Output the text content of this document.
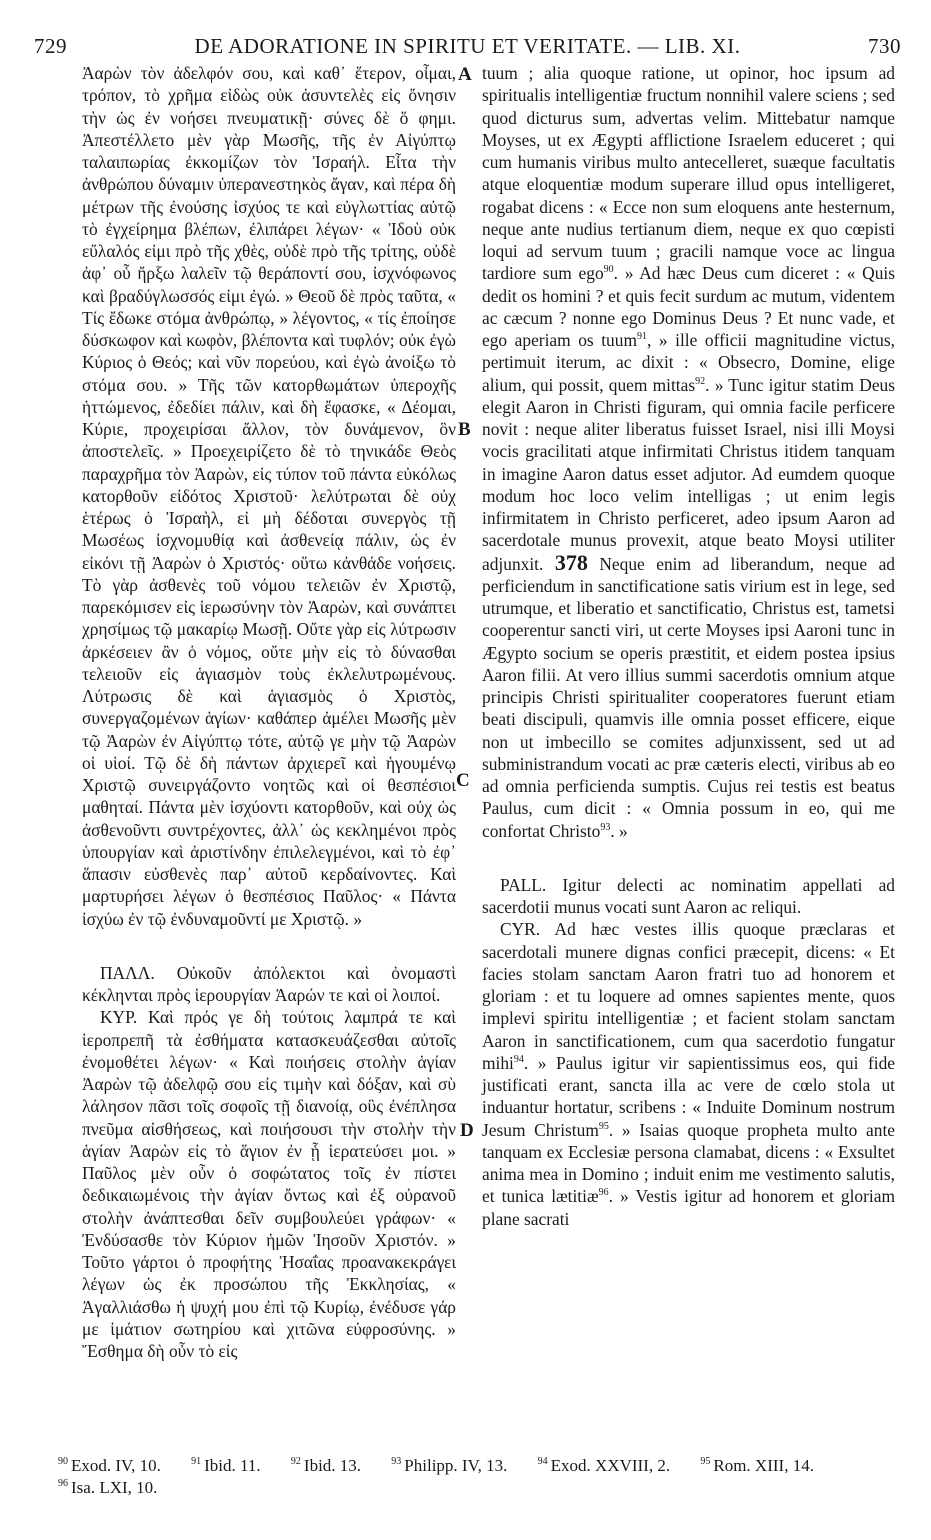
729	DE ADORATIONE IN SPIRITU ET VERITATE. — LIB. XI.	730
A
B
C
D

Ἀαρὼν τὸν ἀδελφόν σου, καὶ καθ᾽ ἕτερον, οἶμαι, τρόπον, τὸ χρῆμα εἰδὼς οὐκ ἀσυντελὲς εἰς ὄνησιν τὴν ὡς ἐν νοήσει πνευματικῇ· σύνες δὲ ὅ φημι. Ἀπεστέλλετο μὲν γὰρ Μωσῆς, τῆς ἐν Αἰγύπτῳ ταλαιπωρίας ἐκκομίζων τὸν Ἰσραήλ. Εἶτα τὴν ἀνθρώπου δύναμιν ὑπερανεστηκὸς ἄγαν, καὶ πέρα δὴ μέτρων τῆς ἐνούσης ἰσχύος τε καὶ εὐγλωττίας αὐτῷ τὸ ἐγχείρημα βλέπων, ἐλιπάρει λέγων· « Ἰδοὺ οὐκ εὔλαλός εἰμι πρὸ τῆς χθὲς, οὐδὲ πρὸ τῆς τρίτης, οὐδὲ ἀφ᾽ οὗ ἤρξω λαλεῖν τῷ θεράποντί σου, ἰσχνόφωνος καὶ βραδύγλωσσός εἰμι ἐγώ. » Θεοῦ δὲ πρὸς ταῦτα, « Τίς ἔδωκε στόμα ἀνθρώπῳ, » λέγοντος, « τίς ἐποίησε δύσκωφον καὶ κωφὸν, βλέποντα καὶ τυφλόν; οὐκ ἐγὼ Κύριος ὁ Θεός; καὶ νῦν πορεύου, καὶ ἐγὼ ἀνοίξω τὸ στόμα σου. » Τῆς τῶν κατορθωμάτων ὑπεροχῆς ἡττώμενος, ἐδεδίει πάλιν, καὶ δὴ ἔφασκε, « Δέομαι, Κύριε, προχειρίσαι ἄλλον, τὸν δυνάμενον, ὃν ἀποστελεῖς. » Προεχειρίζετο δὲ τὸ τηνικάδε Θεὸς παραχρῆμα τὸν Ἀαρὼν, εἰς τύπον τοῦ πάντα εὐκόλως κατορθοῦν εἰδότος Χριστοῦ· λελύτρωται δὲ οὐχ ἑτέρως ὁ Ἰσραὴλ, εἰ μὴ δέδοται συνεργὸς τῇ Μωσέως ἰσχνομυθίᾳ καὶ ἀσθενείᾳ πάλιν, ὡς ἐν εἰκόνι τῇ Ἀαρὼν ὁ Χριστός· οὕτω κἀνθάδε νοήσεις. Τὸ γὰρ ἀσθενὲς τοῦ νόμου τελειῶν ἐν Χριστῷ, παρεκόμισεν εἰς ἱερωσύνην τὸν Ἀαρὼν, καὶ συνάπτει χρησίμως τῷ μακαρίῳ Μωσῇ. Οὔτε γὰρ εἰς λύτρωσιν ἀρκέσειεν ἂν ὁ νόμος, οὔτε μὴν εἰς τὸ δύνασθαι τελειοῦν εἰς ἁγιασμὸν τοὺς ἐκλελυτρωμένους. Λύτρωσις δὲ καὶ ἁγιασμὸς ὁ Χριστὸς, συνεργαζομένων ἁγίων· καθάπερ ἀμέλει Μωσῆς μὲν τῷ Ἀαρὼν ἐν Αἰγύπτῳ τότε, αὐτῷ γε μὴν τῷ Ἀαρὼν οἱ υἱοί. Τῷ δὲ δὴ πάντων ἀρχιερεῖ καὶ ἡγουμένῳ Χριστῷ συνειργάζοντο νοητῶς καὶ οἱ θεσπέσιοι μαθηταί. Πάντα μὲν ἰσχύοντι κατορθοῦν, καὶ οὐχ ὡς ἀσθενοῦντι συντρέχοντες, ἀλλ᾽ ὡς κεκλημένοι πρὸς ὑπουργίαν καὶ ἀριστίνδην ἐπιλελεγμένοι, καὶ τὸ ἐφ᾽ ἅπασιν εὐσθενὲς παρ᾽ αὐτοῦ κερδαίνοντες. Καὶ μαρτυρήσει λέγων ὁ θεσπέσιος Παῦλος· « Πάντα ἰσχύω ἐν τῷ ἐνδυναμοῦντί με Χριστῷ. »

ΠΑΛΛ. Οὐκοῦν ἀπόλεκτοι καὶ ὀνομαστὶ κέκληνται πρὸς ἱερουργίαν Ἀαρών τε καὶ οἱ λοιποί.

ΚΥΡ. Καὶ πρός γε δὴ τούτοις λαμπρά τε καὶ ἱεροπρεπῆ τὰ ἐσθήματα κατασκευάζεσθαι αὐτοῖς ἐνομοθέτει λέγων· « Καὶ ποιήσεις στολὴν ἁγίαν Ἀαρὼν τῷ ἀδελφῷ σου εἰς τιμὴν καὶ δόξαν, καὶ σὺ λάλησον πᾶσι τοῖς σοφοῖς τῇ διανοίᾳ, οὓς ἐνέπλησα πνεῦμα αἰσθήσεως, καὶ ποιήσουσι τὴν στολὴν τὴν ἁγίαν Ἀαρὼν εἰς τὸ ἅγιον ἐν ᾗ ἱερατεύσει μοι. » Παῦλος μὲν οὖν ὁ σοφώτατος τοῖς ἐν πίστει δεδικαιωμένοις τὴν ἁγίαν ὄντως καὶ ἐξ οὐρανοῦ στολὴν ἀνάπτεσθαι δεῖν συμβουλεύει γράφων· « Ἐνδύσασθε τὸν Κύριον ἡμῶν Ἰησοῦν Χριστόν. » Τοῦτο γάρτοι ὁ προφήτης Ἠσαΐας προανακεκράγει λέγων ὡς ἐκ προσώπου τῆς Ἐκκλησίας, « Ἀγαλλιάσθω ἡ ψυχή μου ἐπὶ τῷ Κυρίῳ, ἐνέδυσε γάρ με ἱμάτιον σωτηρίου καὶ χιτῶνα εὐφροσύνης. » Ἔσθημα δὴ οὖν τὸ εἰς

tuum ; alia quoque ratione, ut opinor, hoc ipsum ad spiritualis intelligentiæ fructum nonnihil valere sciens ; sed quod dicturus sum, advertas velim. Mittebatur namque Moyses, ut ex Ægypti afflictione Israelem educeret ; qui cum humanis viribus multo antecelleret, suæque facultatis atque eloquentiæ modum superare illud opus intelligeret, rogabat dicens : « Ecce non sum eloquens ante hesternum, neque ante nudius tertianum diem, neque ex quo cœpisti loqui ad servum tuum ; gracili namque voce ac lingua tardiore sum ego$^{90}$. » Ad hæc Deus cum diceret : « Quis dedit os homini ? et quis fecit surdum ac mutum, videntem ac cæcum ? nonne ego Dominus Deus ? Et nunc vade, et ego aperiam os tuum$^{91}$, » ille officii magnitudine victus, pertimuit iterum, ac dixit : « Obsecro, Domine, elige alium, qui possit, quem mittas$^{92}$. » Tunc igitur statim Deus elegit Aaron in Christi figuram, qui omnia facile perficere novit : neque aliter liberatus fuisset Israel, nisi illi Moysi vocis gracilitati atque infirmitati Christus itidem tanquam in imagine Aaron datus esset adjutor. Ad eumdem quoque modum hoc loco velim intelligas ; ut enim legis infirmitatem in Christo perficeret, adeo ipsum Aaron ad sacerdotale munus provexit, atque beato Moysi utiliter adjunxit. 378 Neque enim ad liberandum, neque ad perficiendum in sanctificatione satis virium est in lege, sed utrumque, et liberatio et sanctificatio, Christus est, tametsi cooperentur sancti viri, ut certe Moyses ipsi Aaroni tunc in Ægypto socium se operis præstitit, et eidem postea ipsius Aaron filii. At vero illius summi sacerdotis omnium atque principis Christi spiritualiter cooperatores fuerunt etiam beati discipuli, quamvis ille omnia posset efficere, eique non ut imbecillo se comites adjunxissent, sed ut ad subministrandum vocati ac præ cæteris electi, viribus ab eo ad omnia perficienda sumptis. Cujus rei testis est beatus Paulus, cum dicit : « Omnia possum in eo, qui me confortat Christo$^{93}$. »

PALL. Igitur delecti ac nominatim appellati ad sacerdotii munus vocati sunt Aaron ac reliqui.

CYR. Ad hæc vestes illis quoque præclaras et sacerdotali munere dignas confici præcepit, dicens: « Et facies stolam sanctam Aaron fratri tuo ad honorem et gloriam : et tu loquere ad omnes sapientes mente, quos implevi spiritu intelligentiæ ; et facient stolam sanctam Aaron in sanctificationem, cum qua sacerdotio fungatur mihi$^{94}$. » Paulus igitur vir sapientissimus eos, qui fide justificati erant, sancta illa ac vere de cœlo stola ut induantur hortatur, scribens : « Induite Dominum nostrum Jesum Christum$^{95}$. » Isaias quoque propheta multo ante tanquam ex Ecclesiæ persona clamabat, dicens : « Exsultet anima mea in Domino ; induit enim me vestimento salutis, et tunica lætitiæ$^{96}$. » Vestis igitur ad honorem et gloriam plane sacrati

$^{90}$ Exod. IV, 10.	$^{91}$ Ibid. 11.	$^{92}$ Ibid. 13.	$^{93}$ Philipp. IV, 13.	$^{94}$ Exod. XXVIII, 2.	$^{95}$ Rom. XIII, 14.
$^{96}$ Isa. LXI, 10.
